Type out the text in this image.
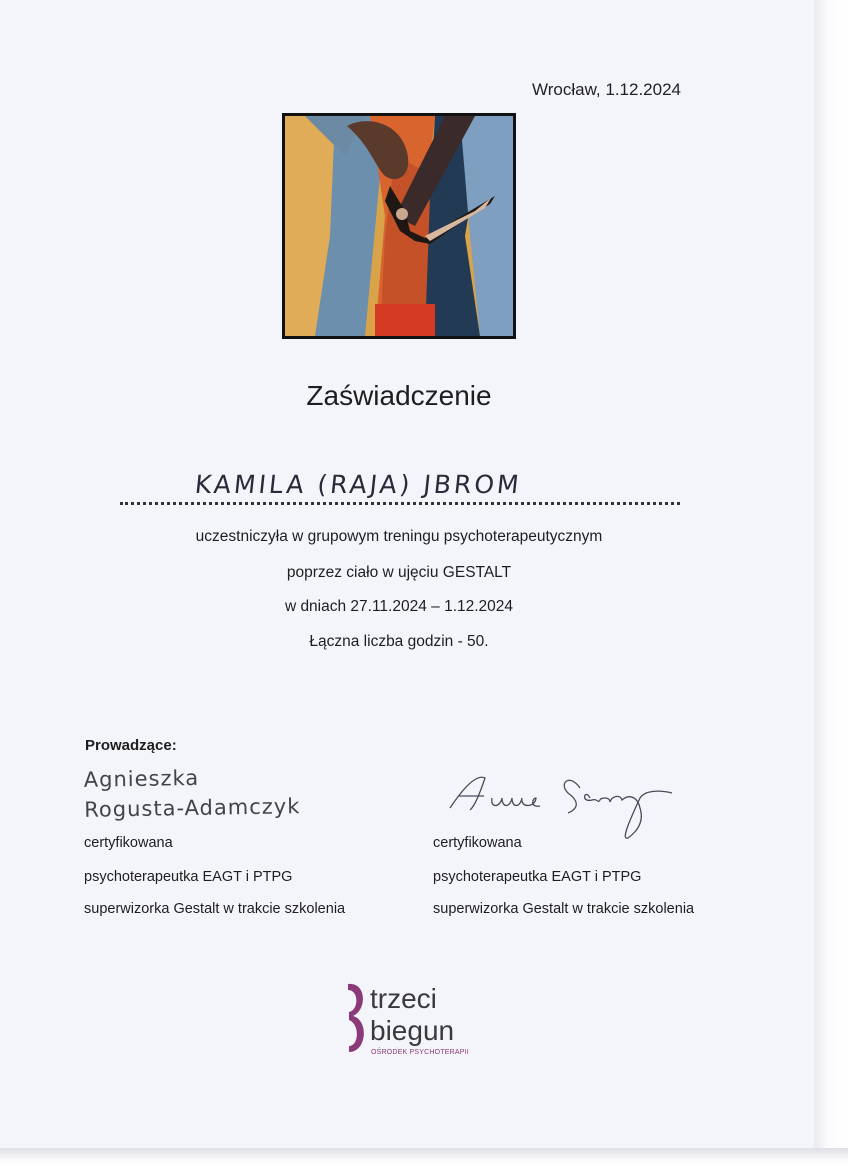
Wrocław, 1.12.2024
Zaświadczenie
KAMILA (RAJA) JBROM
uczestniczyła w grupowym treningu psychoterapeutycznym
poprzez ciało w ujęciu GESTALT
w dniach 27.11.2024 – 1.12.2024
Łączna liczba godzin - 50.
Prowadzące:
Agnieszka
Rogusta-Adamczyk
certyfikowana
psychoterapeutka EAGT i PTPG
superwizorka Gestalt w trakcie szkolenia
certyfikowana
psychoterapeutka EAGT i PTPG
superwizorka Gestalt w trakcie szkolenia
trzeci
biegun
OŚRODEK PSYCHOTERAPII
